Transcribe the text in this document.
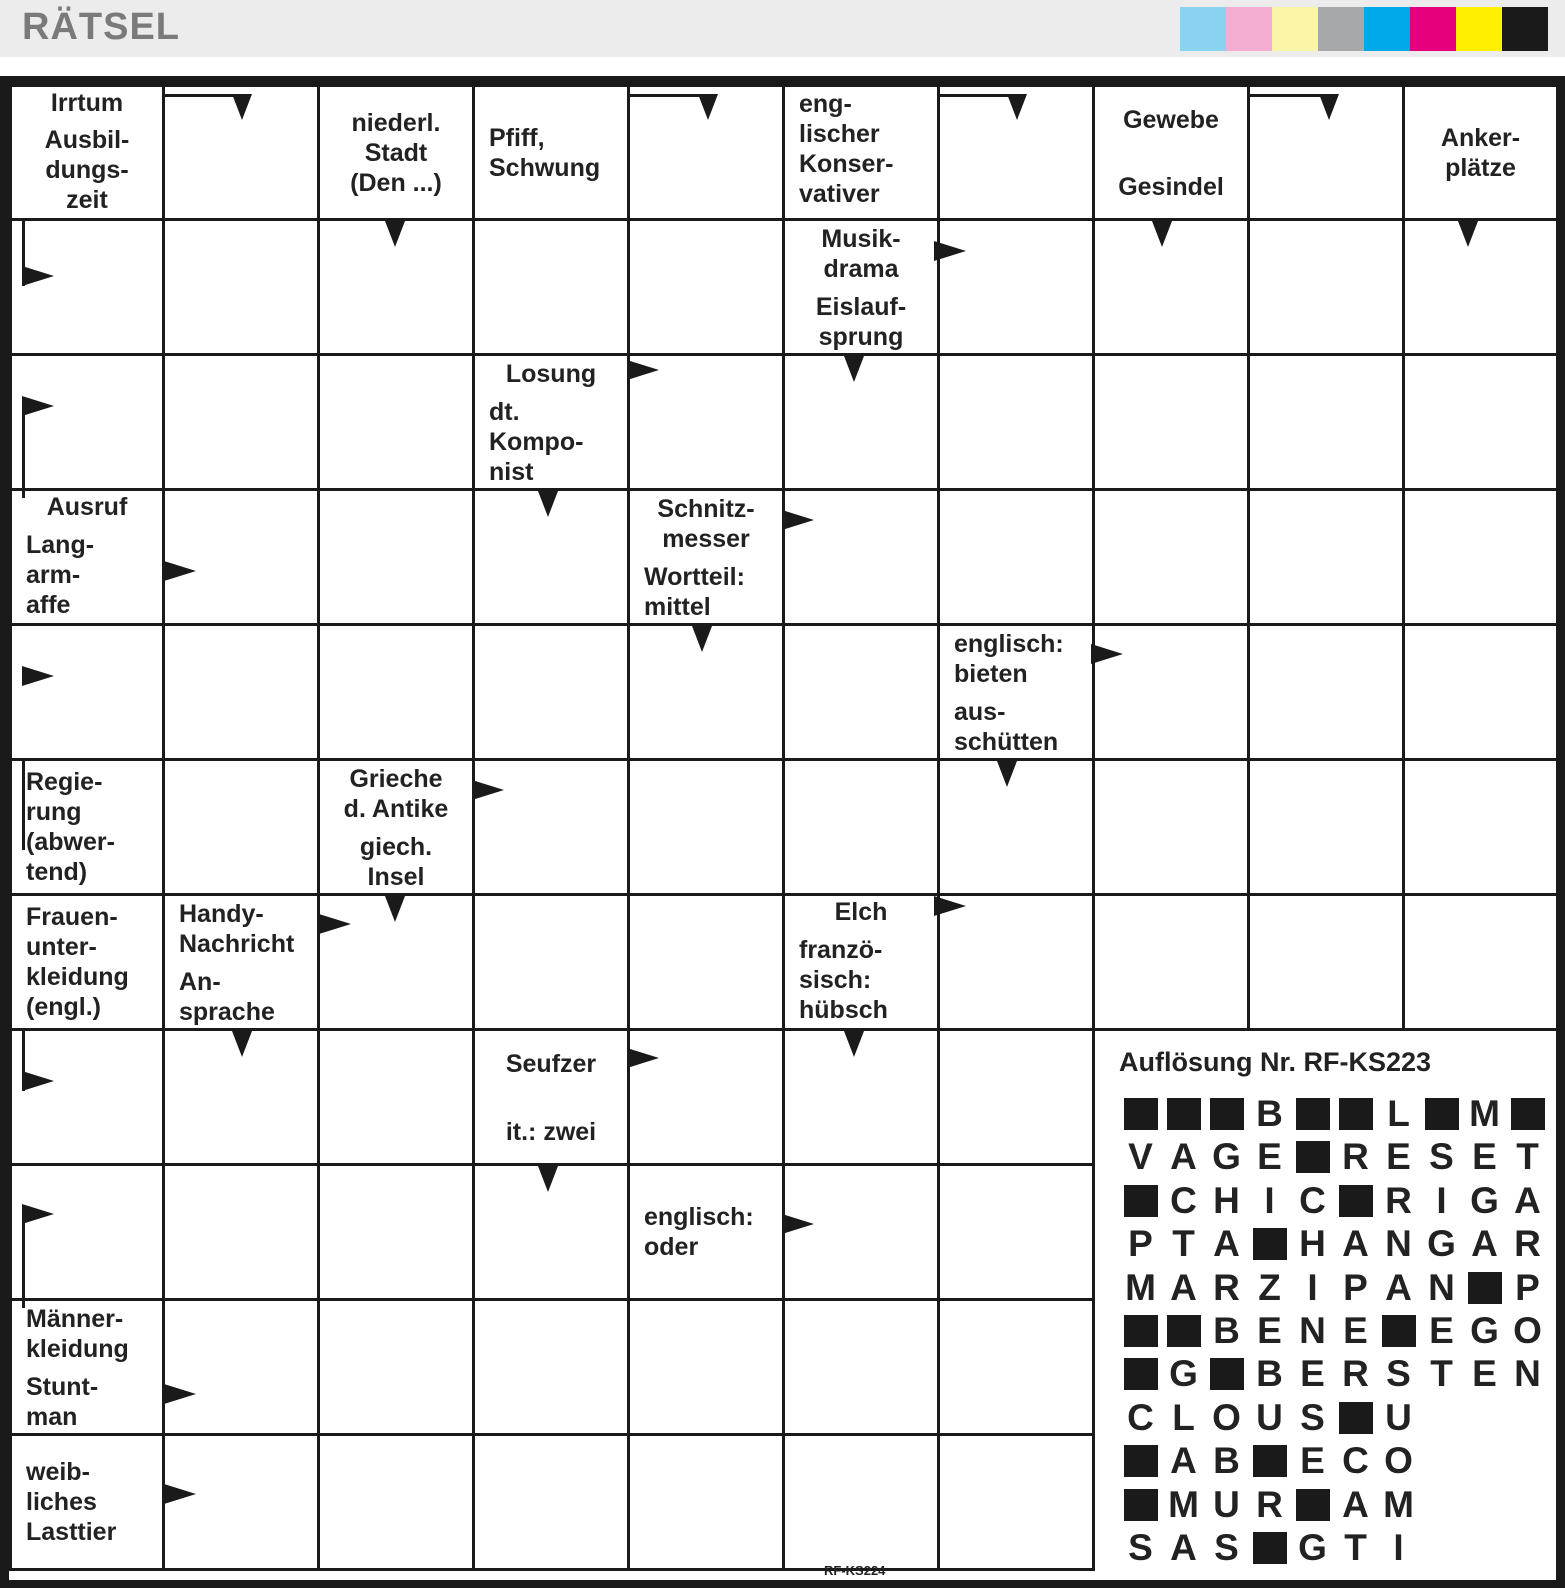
RÄTSEL
Irrtum
Ausbil-
dungs-
zeit
niederl.
Stadt
(Den ...)
Pfiff,
Schwung
eng-
lischer
Konser-
vativer
Gewebe
Gesindel
Anker-
plätze
Musik-
drama
Eislauf-
sprung
Losung
dt.
Kompo-
nist
Ausruf
Lang-
arm-
affe
Schnitz-
messer
Wortteil:
mittel
englisch:
bieten
aus-
schütten
Regie-
rung
(abwer-
tend)
Grieche
d. Antike
giech.
Insel
Frauen-
unter-
kleidung
(engl.)
Handy-
Nachricht
An-
sprache
Elch
franzö-
sisch:
hübsch
Seufzer
it.: zwei
englisch:
oder
Männer-
kleidung
Stunt-
man
weib-
liches
Lasttier
Auflösung Nr. RF-KS223
B	L M
V A G E R E S E T
C H I C R I G A
P T A H A N G A R
M A R Z I P A N P
B E N E E G O
G B E R S T E N
C L O U S U
A B E C O
M U R A M
S A S G T I
RF-KS224
